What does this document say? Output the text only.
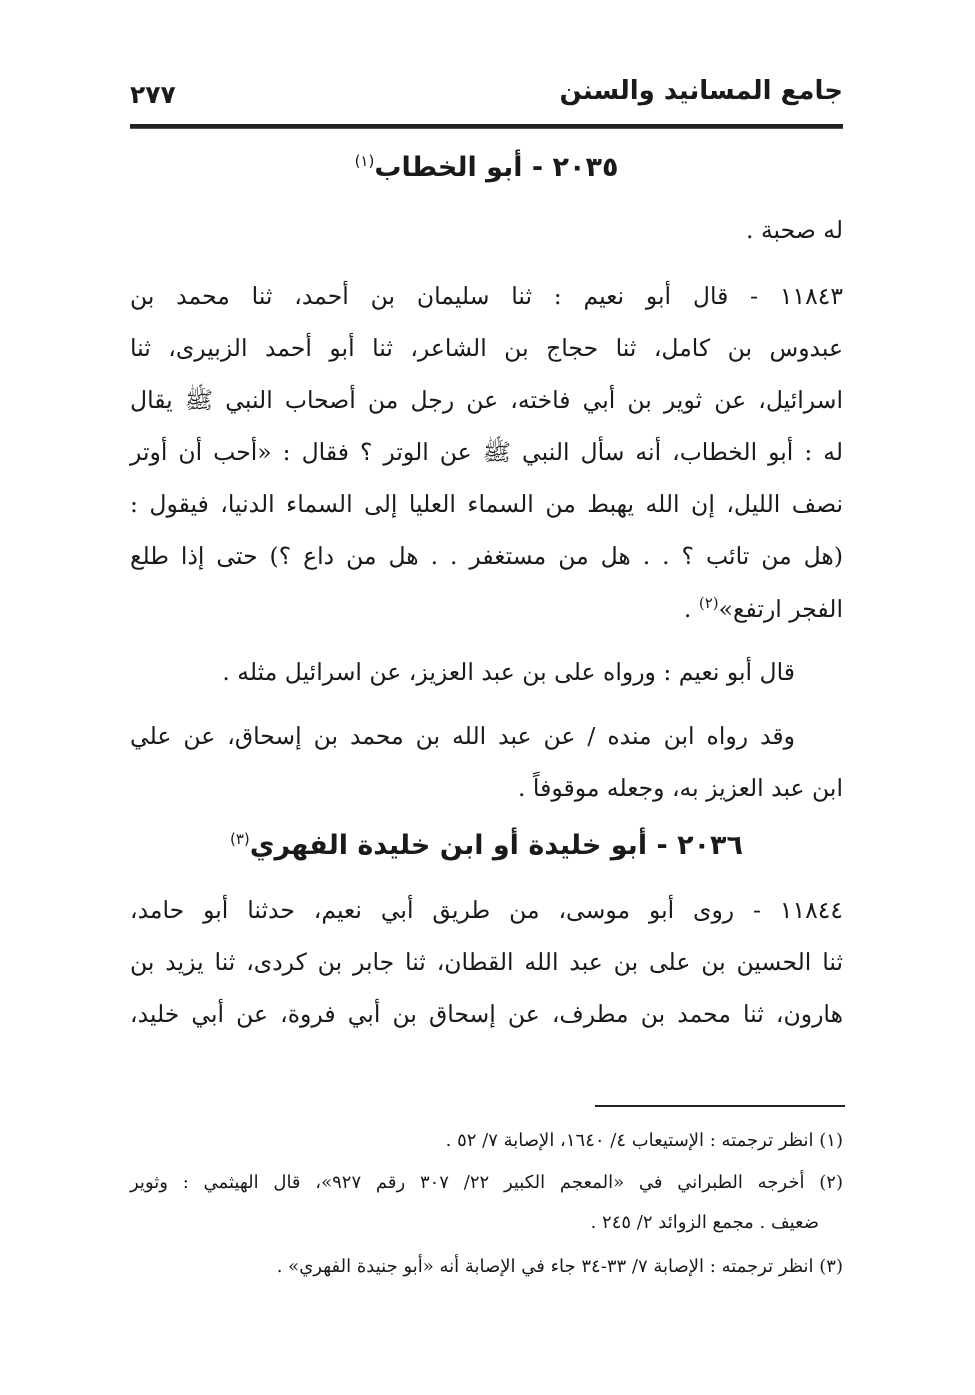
جامع المسانيد والسنن
٢٧٧
٢٠٣٥ - أبو الخطاب$^{(١)}$
له صحبة .
١١٨٤٣ - قال أبو نعيم : ثنا سليمان بن أحمد، ثنا محمد بن
عبدوس بن كامل، ثنا حجاج بن الشاعر، ثنا أبو أحمد الزبيرى، ثنا
اسرائيل، عن ثوير بن أبي فاخته، عن رجل من أصحاب النبي ﷺ يقال
له : أبو الخطاب، أنه سأل النبي ﷺ عن الوتر ؟ فقال : «أحب أن أوتر
نصف الليل، إن الله يهبط من السماء العليا إلى السماء الدنيا، فيقول :
(هل من تائب ؟ . . هل من مستغفر . . هل من داع ؟) حتى إذا طلع
الفجر ارتفع»$^{(٢)}$ .
قال أبو نعيم : ورواه على بن عبد العزيز، عن اسرائيل مثله .
وقد رواه ابن منده / عن عبد الله بن محمد بن إسحاق، عن علي
ابن عبد العزيز به، وجعله موقوفاً .
٢٠٣٦ - أبو خليدة أو ابن خليدة الفهري$^{(٣)}$
١١٨٤٤ - روى أبو موسى، من طريق أبي نعيم، حدثنا أبو حامد،
ثنا الحسين بن على بن عبد الله القطان، ثنا جابر بن كردى، ثنا يزيد بن
هارون، ثنا محمد بن مطرف، عن إسحاق بن أبي فروة، عن أبي خليد،
(١) انظر ترجمته : الإستيعاب ٤/ ١٦٤٠، الإصابة ٧/ ٥٢ .
(٢) أخرجه الطبراني في «المعجم الكبير ٢٢/ ٣٠٧ رقم ٩٢٧»، قال الهيثمي : وثوير
ضعيف . مجمع الزوائد ٢/ ٢٤٥ .
(٣) انظر ترجمته : الإصابة ٧/ ٣٣-٣٤ جاء في الإصابة أنه «أبو جنيدة الفهري» .
